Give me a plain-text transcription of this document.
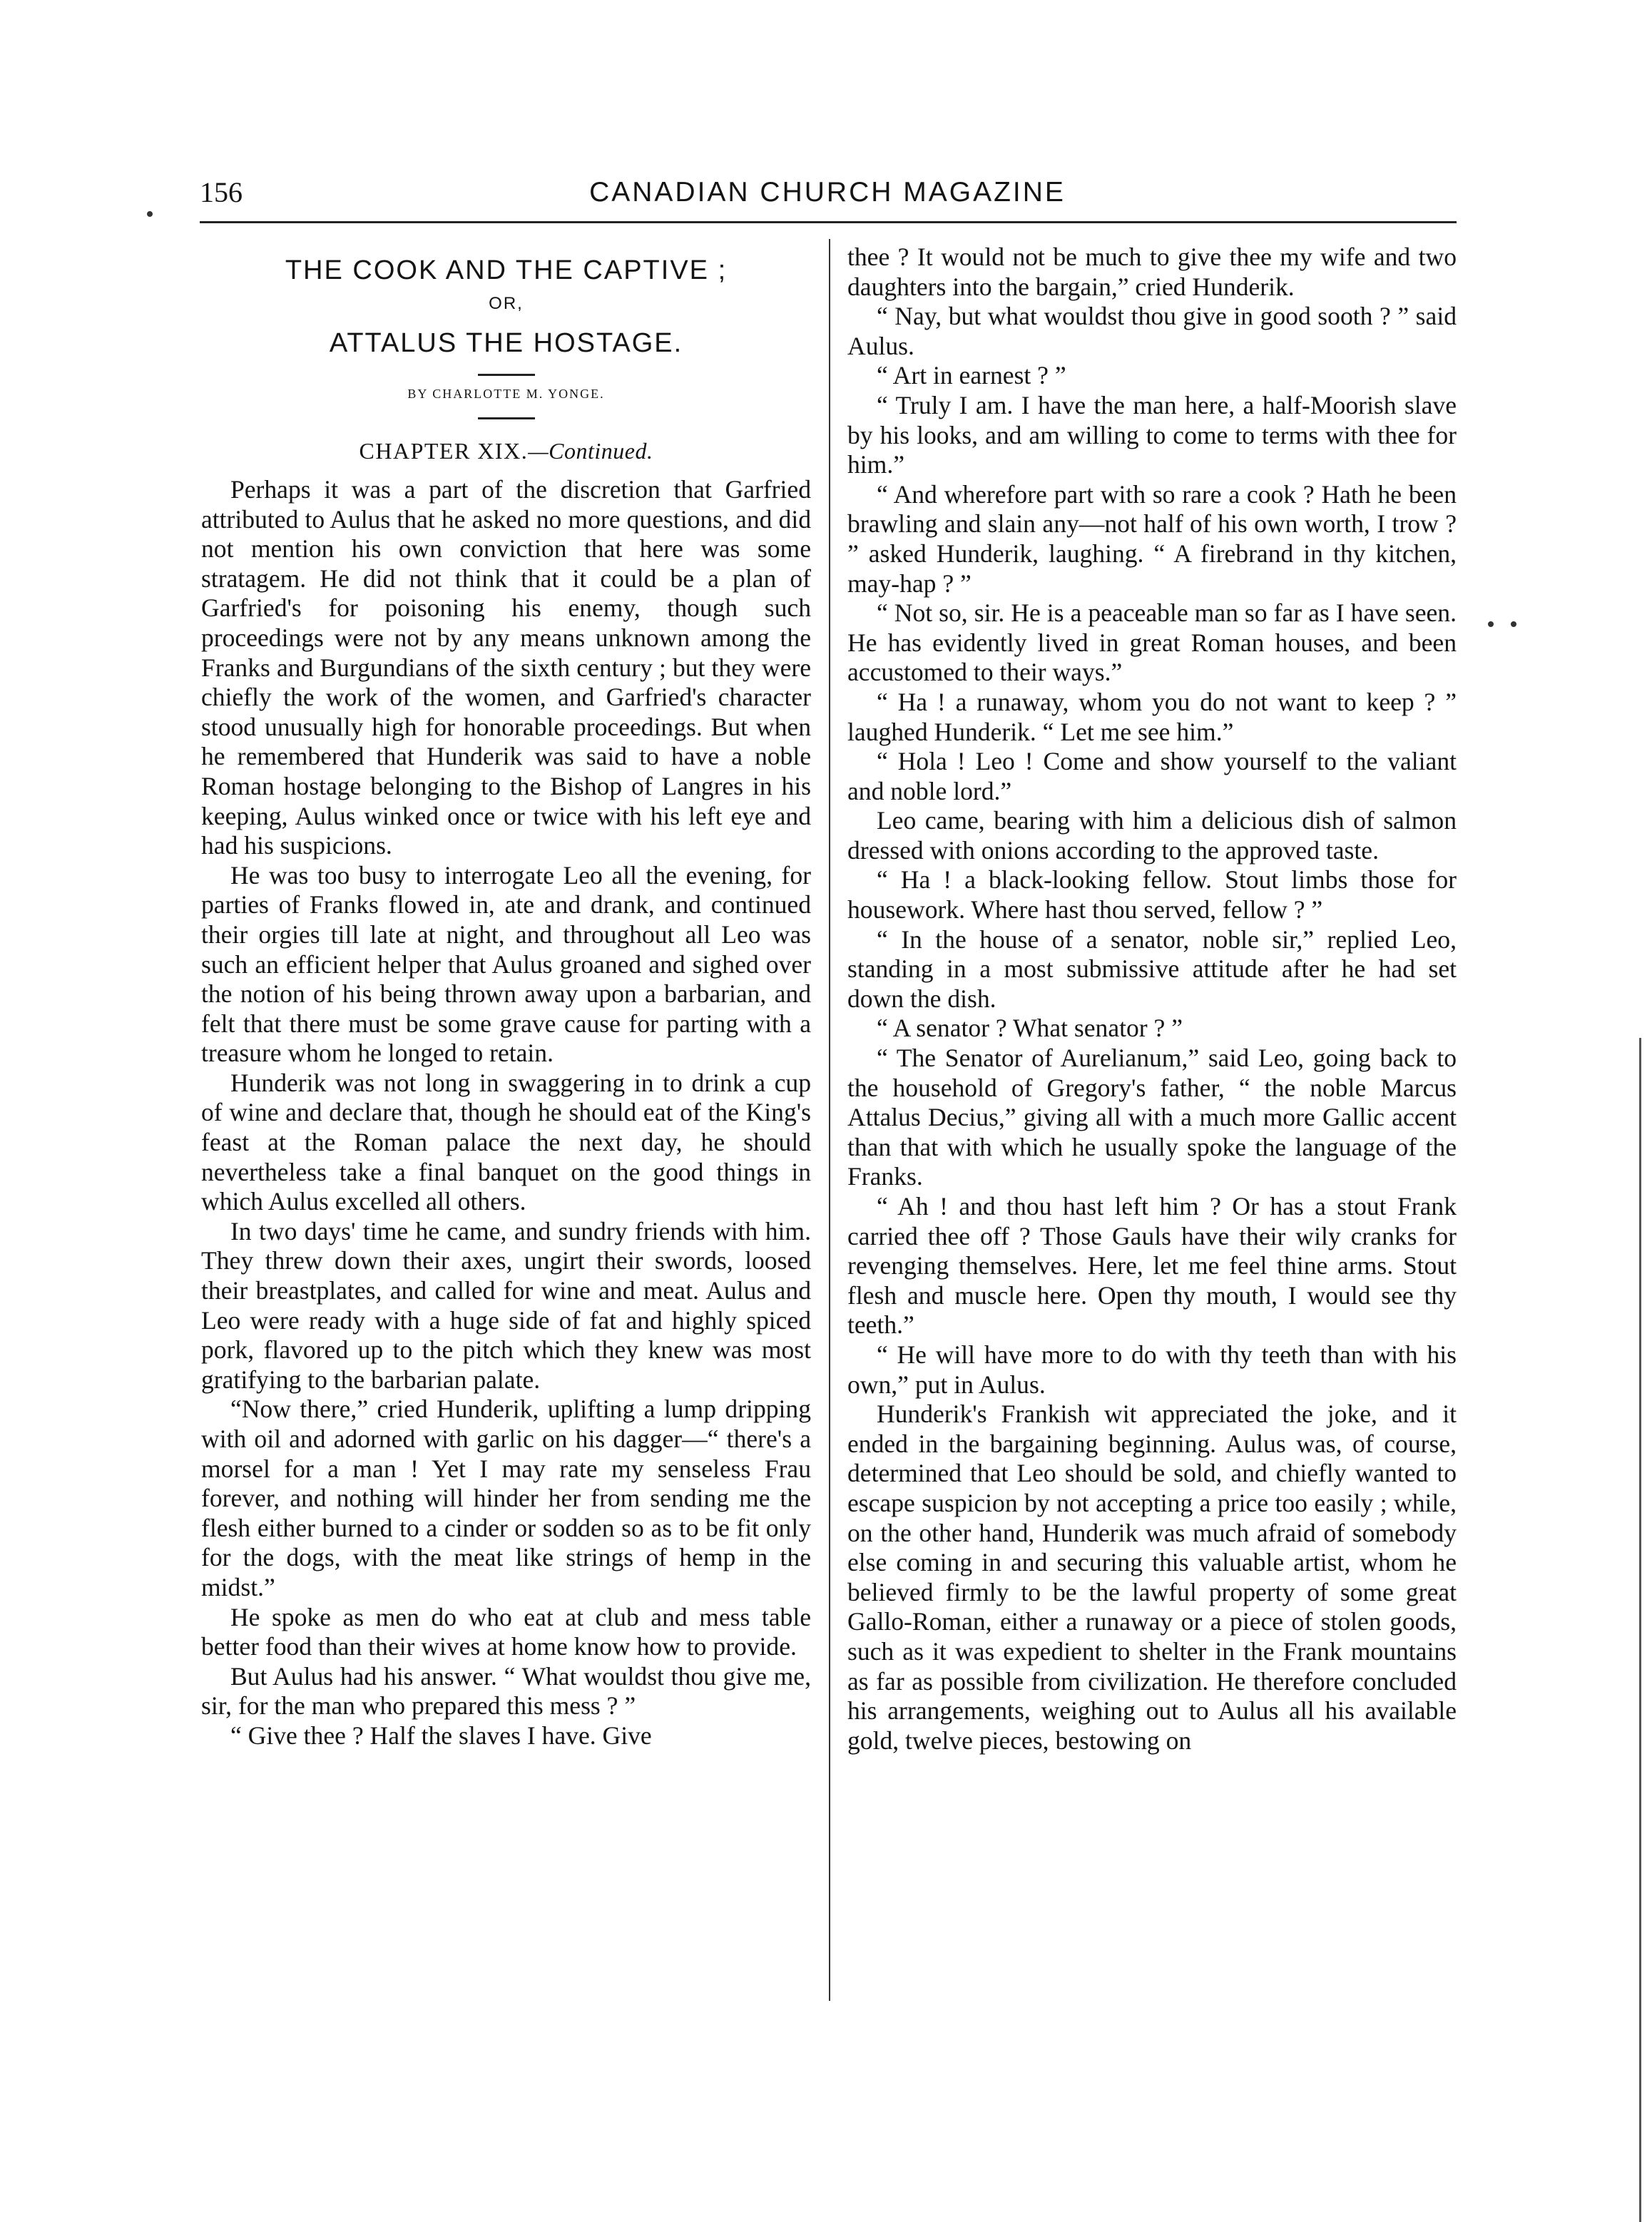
156	CANADIAN CHURCH MAGAZINE
THE COOK AND THE CAPTIVE ;
OR,
ATTALUS THE HOSTAGE.
BY CHARLOTTE M. YONGE.
CHAPTER XIX.—Continued.

Perhaps it was a part of the discretion that Garfried attributed to Aulus that he asked no more questions, and did not mention his own conviction that here was some stratagem. He did not think that it could be a plan of Garfried's for poisoning his enemy, though such proceedings were not by any means unknown among the Franks and Burgundians of the sixth century ; but they were chiefly the work of the women, and Garfried's character stood unusually high for honorable proceedings. But when he remembered that Hunderik was said to have a noble Roman hostage belonging to the Bishop of Langres in his keeping, Aulus winked once or twice with his left eye and had his suspicions.

He was too busy to interrogate Leo all the evening, for parties of Franks flowed in, ate and drank, and continued their orgies till late at night, and throughout all Leo was such an efficient helper that Aulus groaned and sighed over the notion of his being thrown away upon a barbarian, and felt that there must be some grave cause for parting with a treasure whom he longed to retain.

Hunderik was not long in swaggering in to drink a cup of wine and declare that, though he should eat of the King's feast at the Roman palace the next day, he should nevertheless take a final banquet on the good things in which Aulus excelled all others.

In two days' time he came, and sundry friends with him. They threw down their axes, ungirt their swords, loosed their breastplates, and called for wine and meat. Aulus and Leo were ready with a huge side of fat and highly spiced pork, flavored up to the pitch which they knew was most gratifying to the barbarian palate.

“Now there,” cried Hunderik, uplifting a lump dripping with oil and adorned with garlic on his dagger—“ there's a morsel for a man ! Yet I may rate my senseless Frau forever, and nothing will hinder her from sending me the flesh either burned to a cinder or sodden so as to be fit only for the dogs, with the meat like strings of hemp in the midst.”

He spoke as men do who eat at club and mess table better food than their wives at home know how to provide.

But Aulus had his answer. “ What wouldst thou give me, sir, for the man who prepared this mess ? ”

“ Give thee ? Half the slaves I have. Give

thee ? It would not be much to give thee my wife and two daughters into the bargain,” cried Hunderik.

“ Nay, but what wouldst thou give in good sooth ? ” said Aulus.

“ Art in earnest ? ”

“ Truly I am. I have the man here, a half-Moorish slave by his looks, and am willing to come to terms with thee for him.”

“ And wherefore part with so rare a cook ? Hath he been brawling and slain any—not half of his own worth, I trow ? ” asked Hunderik, laughing. “ A firebrand in thy kitchen, may-hap ? ”

“ Not so, sir. He is a peaceable man so far as I have seen. He has evidently lived in great Roman houses, and been accustomed to their ways.”

“ Ha ! a runaway, whom you do not want to keep ? ” laughed Hunderik. “ Let me see him.”

“ Hola ! Leo ! Come and show yourself to the valiant and noble lord.”

Leo came, bearing with him a delicious dish of salmon dressed with onions according to the approved taste.

“ Ha ! a black-looking fellow. Stout limbs those for housework. Where hast thou served, fellow ? ”

“ In the house of a senator, noble sir,” replied Leo, standing in a most submissive attitude after he had set down the dish.

“ A senator ? What senator ? ”

“ The Senator of Aurelianum,” said Leo, going back to the household of Gregory's father, “ the noble Marcus Attalus Decius,” giving all with a much more Gallic accent than that with which he usually spoke the language of the Franks.

“ Ah ! and thou hast left him ? Or has a stout Frank carried thee off ? Those Gauls have their wily cranks for revenging themselves. Here, let me feel thine arms. Stout flesh and muscle here. Open thy mouth, I would see thy teeth.”

“ He will have more to do with thy teeth than with his own,” put in Aulus.

Hunderik's Frankish wit appreciated the joke, and it ended in the bargaining beginning. Aulus was, of course, determined that Leo should be sold, and chiefly wanted to escape suspicion by not accepting a price too easily ; while, on the other hand, Hunderik was much afraid of somebody else coming in and securing this valuable artist, whom he believed firmly to be the lawful property of some great Gallo-Roman, either a runaway or a piece of stolen goods, such as it was expedient to shelter in the Frank mountains as far as possible from civilization. He therefore concluded his arrangements, weighing out to Aulus all his available gold, twelve pieces, bestowing on
